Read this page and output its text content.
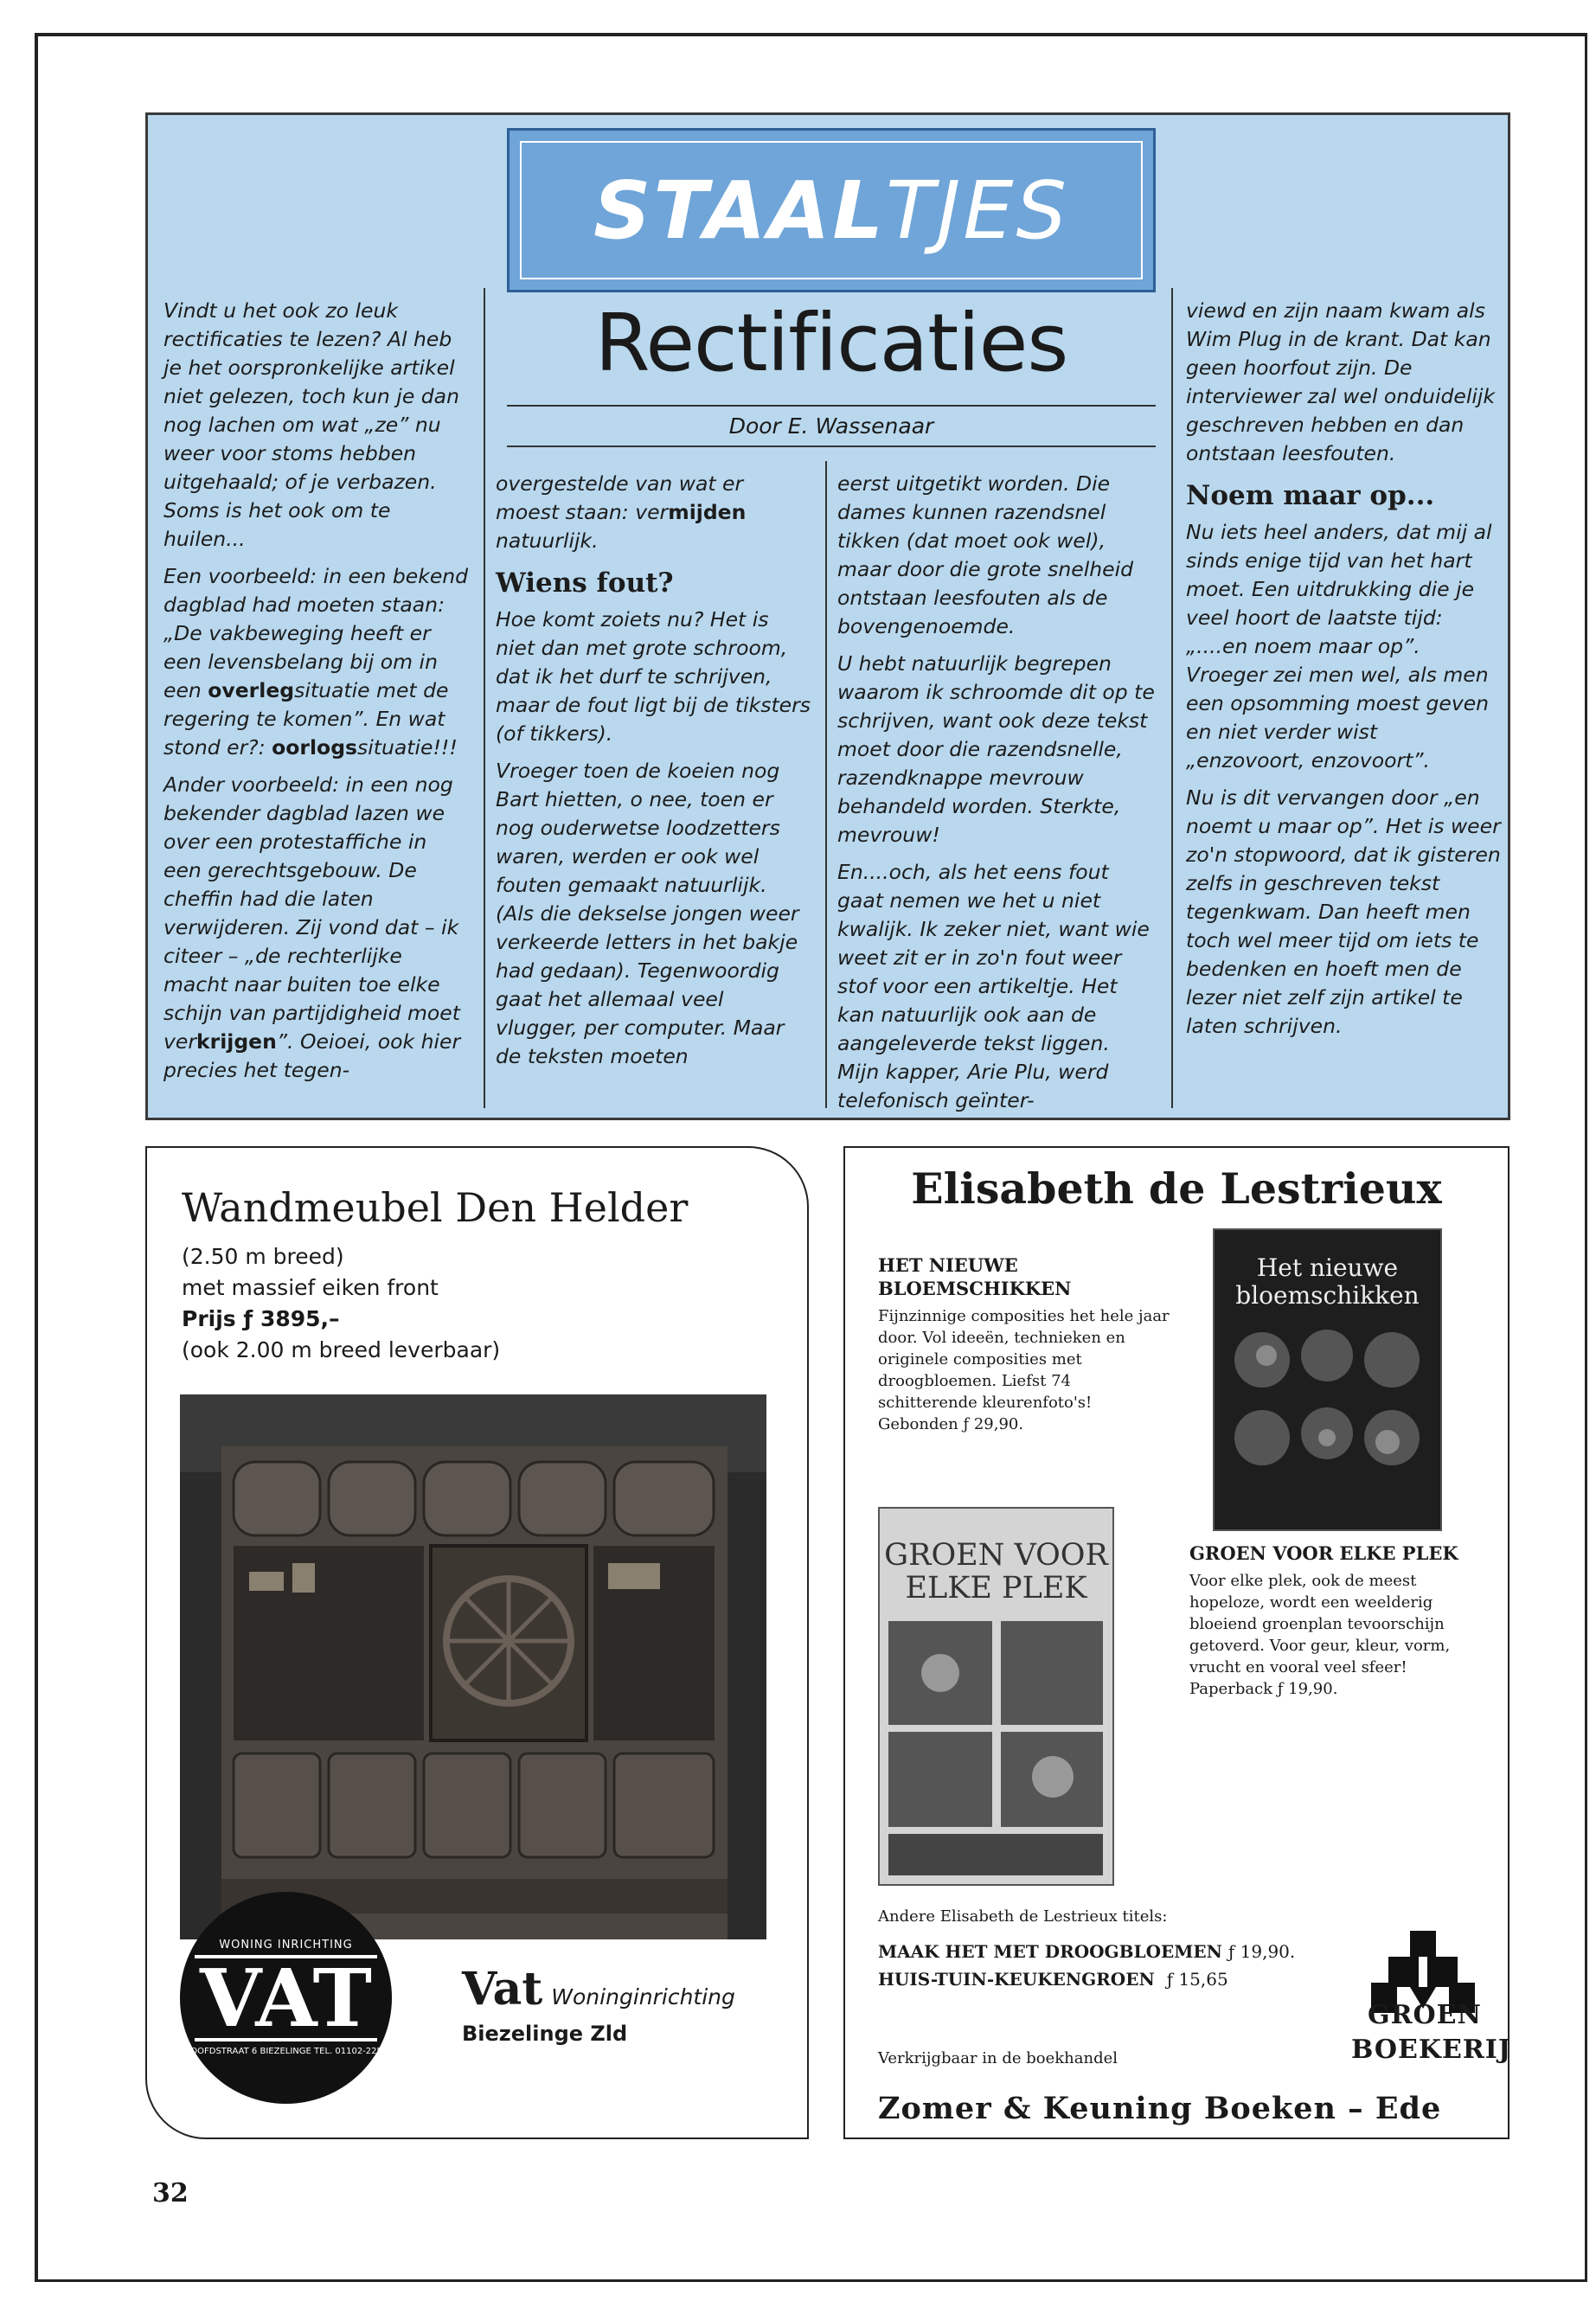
STAALTJES
Rectificaties
Door E. Wassenaar

Vindt u het ook zo leuk rectificaties te lezen? Al heb je het oorspronkelijke artikel niet gelezen, toch kun je dan nog lachen om wat „ze” nu weer voor stoms hebben uitgehaald; of je verbazen. Soms is het ook om te huilen...

Een voorbeeld: in een bekend dagblad had moeten staan: „De vakbeweging heeft er een levensbelang bij om in een overlegsituatie met de regering te komen”. En wat stond er?: oorlogssituatie!!!

Ander voorbeeld: in een nog bekender dagblad lazen we over een protestaffiche in een gerechtsgebouw. De cheffin had die laten verwijderen. Zij vond dat – ik citeer – „de rechterlijke macht naar buiten toe elke schijn van partijdigheid moet verkrijgen”. Oeioei, ook hier precies het tegen-

overgestelde van wat er moest staan: vermijden natuurlijk.

Wiens fout?

Hoe komt zoiets nu? Het is niet dan met grote schroom, dat ik het durf te schrijven, maar de fout ligt bij de tiksters (of tikkers).

Vroeger toen de koeien nog Bart hietten, o nee, toen er nog ouderwetse loodzetters waren, werden er ook wel fouten gemaakt natuurlijk. (Als die dekselse jongen weer verkeerde letters in het bakje had gedaan). Tegenwoordig gaat het allemaal veel vlugger, per computer. Maar de teksten moeten

eerst uitgetikt worden. Die dames kunnen razendsnel tikken (dat moet ook wel), maar door die grote snelheid ontstaan leesfouten als de bovengenoemde.

U hebt natuurlijk begrepen waarom ik schroomde dit op te schrijven, want ook deze tekst moet door die razendsnelle, razendknappe mevrouw behandeld worden. Sterkte, mevrouw!

En....och, als het eens fout gaat nemen we het u niet kwalijk. Ik zeker niet, want wie weet zit er in zo'n fout weer stof voor een artikeltje. Het kan natuurlijk ook aan de aangeleverde tekst liggen. Mijn kapper, Arie Plu, werd telefonisch geïnter-

viewd en zijn naam kwam als Wim Plug in de krant. Dat kan geen hoorfout zijn. De interviewer zal wel onduidelijk geschreven hebben en dan ontstaan leesfouten.

Noem maar op...

Nu iets heel anders, dat mij al sinds enige tijd van het hart moet. Een uitdrukking die je veel hoort de laatste tijd: „....en noem maar op”. Vroeger zei men wel, als men een opsomming moest geven en niet verder wist „enzovoort, enzovoort”.

Nu is dit vervangen door „en noemt u maar op”. Het is weer zo'n stopwoord, dat ik gisteren zelfs in geschreven tekst tegenkwam. Dan heeft men toch wel meer tijd om iets te bedenken en hoeft men de lezer niet zelf zijn artikel te laten schrijven.

Wandmeubel Den Helder
(2.50 m breed)
met massief eiken front
Prijs ƒ 3895,–
(ook 2.00 m breed leverbaar)
WONING INRICHTING
VAT
HOOFDSTRAAT 6 BIEZELINGE TEL. 01102-2254
Vat Woninginrichting
Biezelinge Zld
Elisabeth de Lestrieux
HET NIEUWE BLOEMSCHIKKEN
Fijnzinnige composities het hele jaar door. Vol ideeën, technieken en originele composities met droogbloemen. Liefst 74 schitterende kleurenfoto's!
Gebonden ƒ 29,90.
Het nieuwe bloemschikken
GROEN VOOR ELKE PLEK
GROEN VOOR ELKE PLEK
Voor elke plek, ook de meest hopeloze, wordt een weelderig bloeiend groenplan tevoorschijn getoverd. Voor geur, kleur, vorm, vrucht en vooral veel sfeer!
Paperback ƒ 19,90.
Andere Elisabeth de Lestrieux titels:
MAAK HET MET DROOGBLOEMEN ƒ 19,90.
HUIS-TUIN-KEUKENGROEN ƒ 15,65
Verkrijgbaar in de boekhandel
GROEN
BOEKERIJ
Zomer & Keuning Boeken – Ede
32
